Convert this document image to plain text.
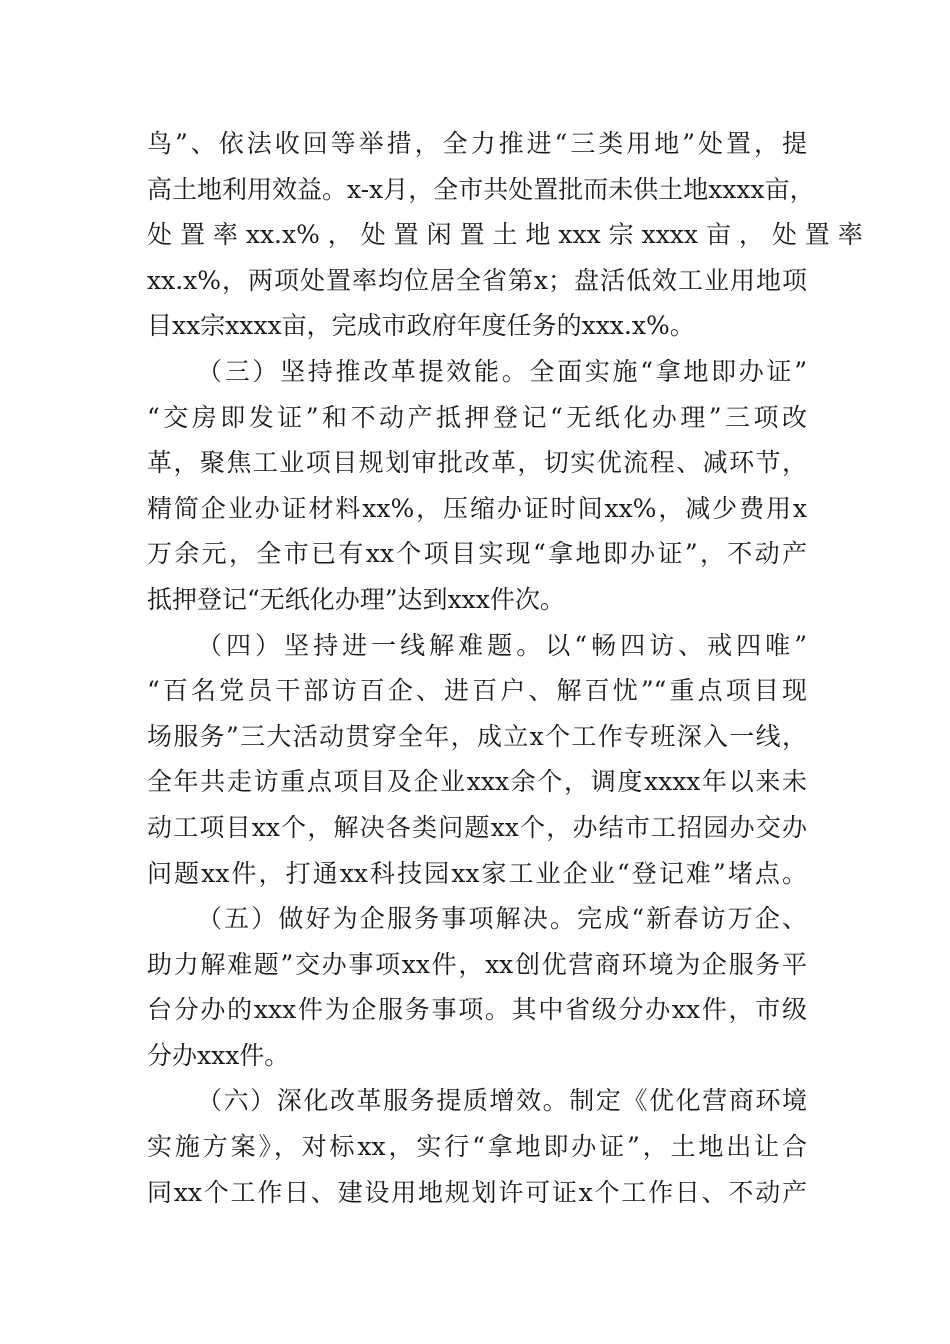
鸟”、依法收回等举措，全力推进“三类用地”处置，提
高土地利用效益。x-x月，全市共处置批而未供土地xxxx亩，
处 置 率 xx.x% ， 处 置 闲 置 土 地 xxx 宗 xxxx 亩 ， 处 置 率
xx.x%，两项处置率均位居全省第x；盘活低效工业用地项
目xx宗xxxx亩，完成市政府年度任务的xxx.x%。
（三）坚持推改革提效能。全面实施“拿地即办证”
“交房即发证”和不动产抵押登记“无纸化办理”三项改
革，聚焦工业项目规划审批改革，切实优流程、减环节，
精简企业办证材料xx%，压缩办证时间xx%，减少费用x
万余元，全市已有xx个项目实现“拿地即办证”，不动产
抵押登记“无纸化办理”达到xxx件次。
（四）坚持进一线解难题。以“畅四访、戒四唯”
“百名党员干部访百企、进百户、解百忧”“重点项目现
场服务”三大活动贯穿全年，成立x个工作专班深入一线，
全年共走访重点项目及企业xxx余个，调度xxxx年以来未
动工项目xx个，解决各类问题xx个，办结市工招园办交办
问题xx件，打通xx科技园xx家工业企业“登记难”堵点。
（五）做好为企服务事项解决。完成“新春访万企、
助力解难题”交办事项xx件，xx创优营商环境为企服务平
台分办的xxx件为企服务事项。其中省级分办xx件，市级
分办xxx件。
（六）深化改革服务提质增效。制定《优化营商环境
实施方案》，对标xx，实行“拿地即办证”，土地出让合
同xx个工作日、建设用地规划许可证x个工作日、不动产
